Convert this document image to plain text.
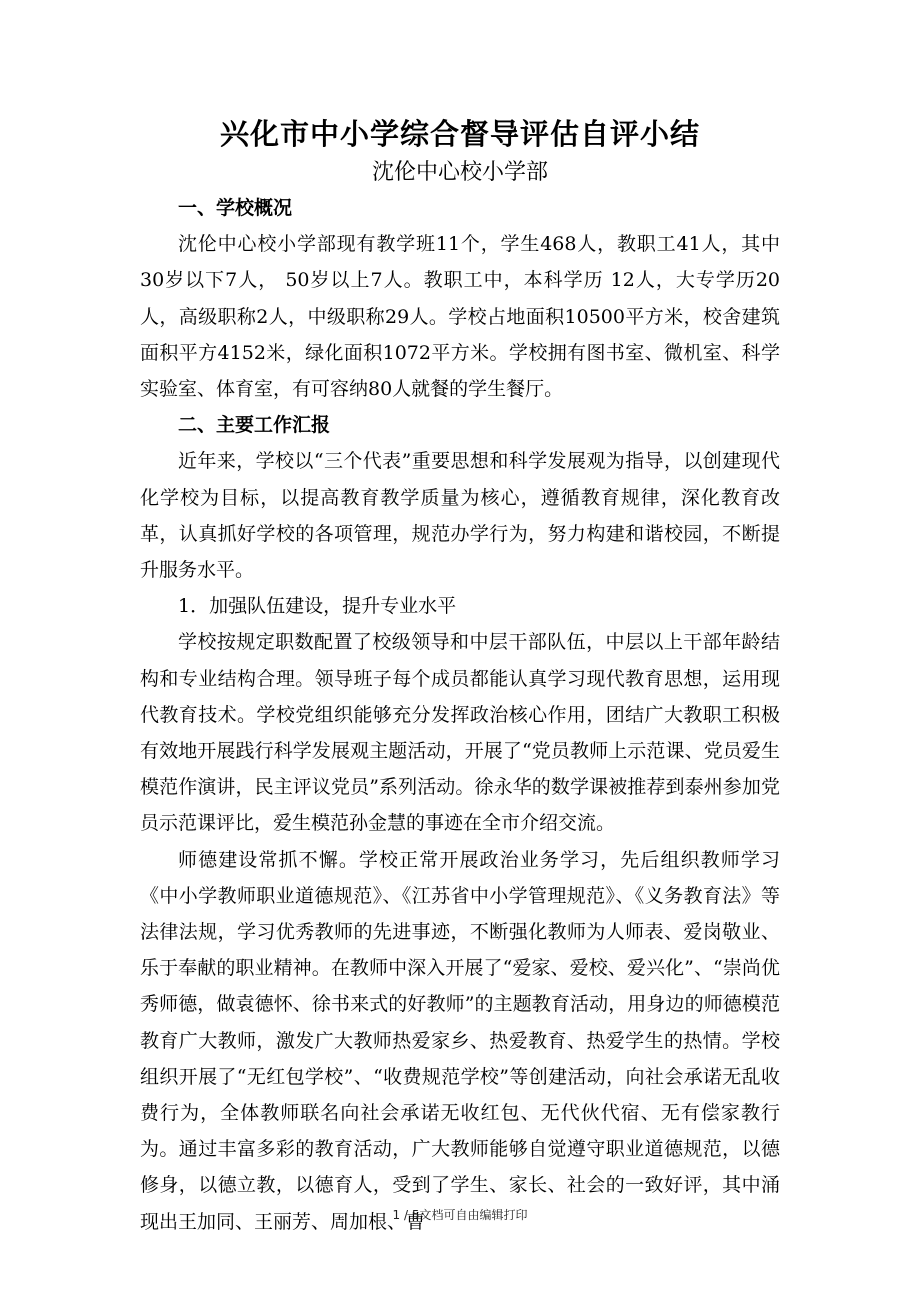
兴化市中小学综合督导评估自评小结
沈伦中心校小学部
一、学校概况

沈伦中心校小学部现有教学班11个，学生468人，教职工41人，其中30岁以下7人， 50岁以上7人。教职工中，本科学历 12人，大专学历20人，高级职称2人，中级职称29人。学校占地面积10500平方米，校舍建筑面积平方4152米，绿化面积1072平方米。学校拥有图书室、微机室、科学实验室、体育室，有可容纳80人就餐的学生餐厅。

二、主要工作汇报

近年来，学校以“三个代表”重要思想和科学发展观为指导，以创建现代化学校为目标，以提高教育教学质量为核心，遵循教育规律，深化教育改革，认真抓好学校的各项管理，规范办学行为，努力构建和谐校园，不断提升服务水平。

1．加强队伍建设，提升专业水平

学校按规定职数配置了校级领导和中层干部队伍，中层以上干部年龄结构和专业结构合理。领导班子每个成员都能认真学习现代教育思想，运用现代教育技术。学校党组织能够充分发挥政治核心作用，团结广大教职工积极有效地开展践行科学发展观主题活动，开展了“党员教师上示范课、党员爱生模范作演讲，民主评议党员”系列活动。徐永华的数学课被推荐到泰州参加党员示范课评比，爱生模范孙金慧的事迹在全市介绍交流。

师德建设常抓不懈。学校正常开展政治业务学习，先后组织教师学习《中小学教师职业道德规范》、《江苏省中小学管理规范》、《义务教育法》等法律法规，学习优秀教师的先进事迹，不断强化教师为人师表、爱岗敬业、乐于奉献的职业精神。在教师中深入开展了“爱家、爱校、爱兴化”、“崇尚优秀师德，做袁德怀、徐书来式的好教师”的主题教育活动，用身边的师德模范教育广大教师，激发广大教师热爱家乡、热爱教育、热爱学生的热情。学校组织开展了“无红包学校”、“收费规范学校”等创建活动，向社会承诺无乱收费行为，全体教师联名向社会承诺无收红包、无代伙代宿、无有偿家教行为。通过丰富多彩的教育活动，广大教师能够自觉遵守职业道德规范，以德修身，以德立教，以德育人，受到了学生、家长、社会的一致好评，其中涌现出王加同、王丽芳、周加根、曹

1 / 5文档可自由编辑打印
